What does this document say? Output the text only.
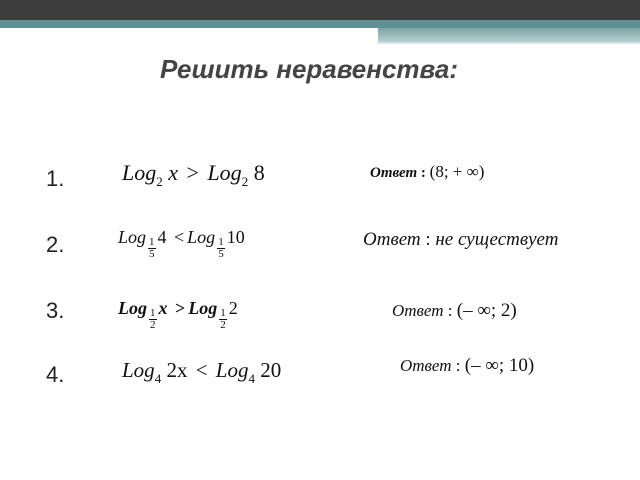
Решить неравенства:
1.	Log$_2$ x > Log$_2$ 8	Ответ : (8; + ∞)
2.	Log $\frac{1}{5} 4$ < Log $\frac{1}{5} 10$	Ответ : не существует
3.	Log $\frac{1}{2}$ x > Log $\frac{1}{2} 2$	Ответ : (– ∞; 2)
4.	Log$_4$ 2x < Log$_4$ 20	Ответ : (– ∞; 10)
